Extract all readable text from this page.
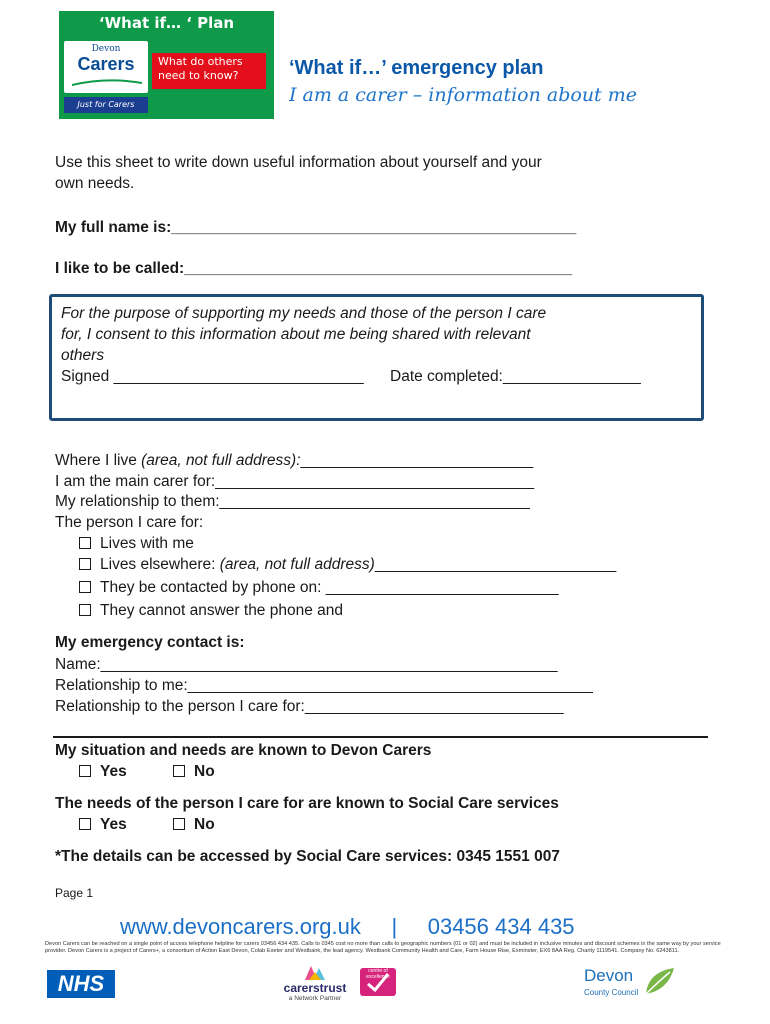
‘What if… ‘ Plan
Devon
Carers	What do others need to know?
Just for Carers
‘What if…’ emergency plan
I am a carer – information about me
Use this sheet to write down useful information about yourself and your
own needs.
My full name is:_______________________________________________
I like to be called:_____________________________________________
For the purpose of supporting my needs and those of the person I care
for, I consent to this information about me being shared with relevant
others
Signed _____________________________ Date completed:________________
Where I live (area, not full address):___________________________
I am the main carer for:_____________________________________
My relationship to them:____________________________________
The person I care for:
Lives with me
Lives elsewhere: (area, not full address)____________________________
They be contacted by phone on: ___________________________
They cannot answer the phone and
My emergency contact is:
Name:_____________________________________________________
Relationship to me:_______________________________________________
Relationship to the person I care for:______________________________
My situation and needs are known to Devon Carers
Yes	No
The needs of the person I care for are known to Social Care services
Yes	No
*The details can be accessed by Social Care services: 0345 1551 007
Page 1
www.devoncarers.org.uk     |     03456 434 435
Devon Carers can be reached on a single point of access telephone helpline for carers 03456 434 435. Calls to 0345 cost no more than calls to geographic numbers (01 or 02) and must be included in inclusive minutes and discount schemes in the same way by your service provider. Devon Carers is a project of Carers+, a consortium of Action East Devon, Colab Exeter and Westbank, the lead agency. Westbank Community Health and Care, Farm House Rise, Exminster, EX6 8AA Reg. Charity 1119541. Company No. 6243811.
NHS	carerstrust
a Network Partner
centre of excellence	Devon
County Council
